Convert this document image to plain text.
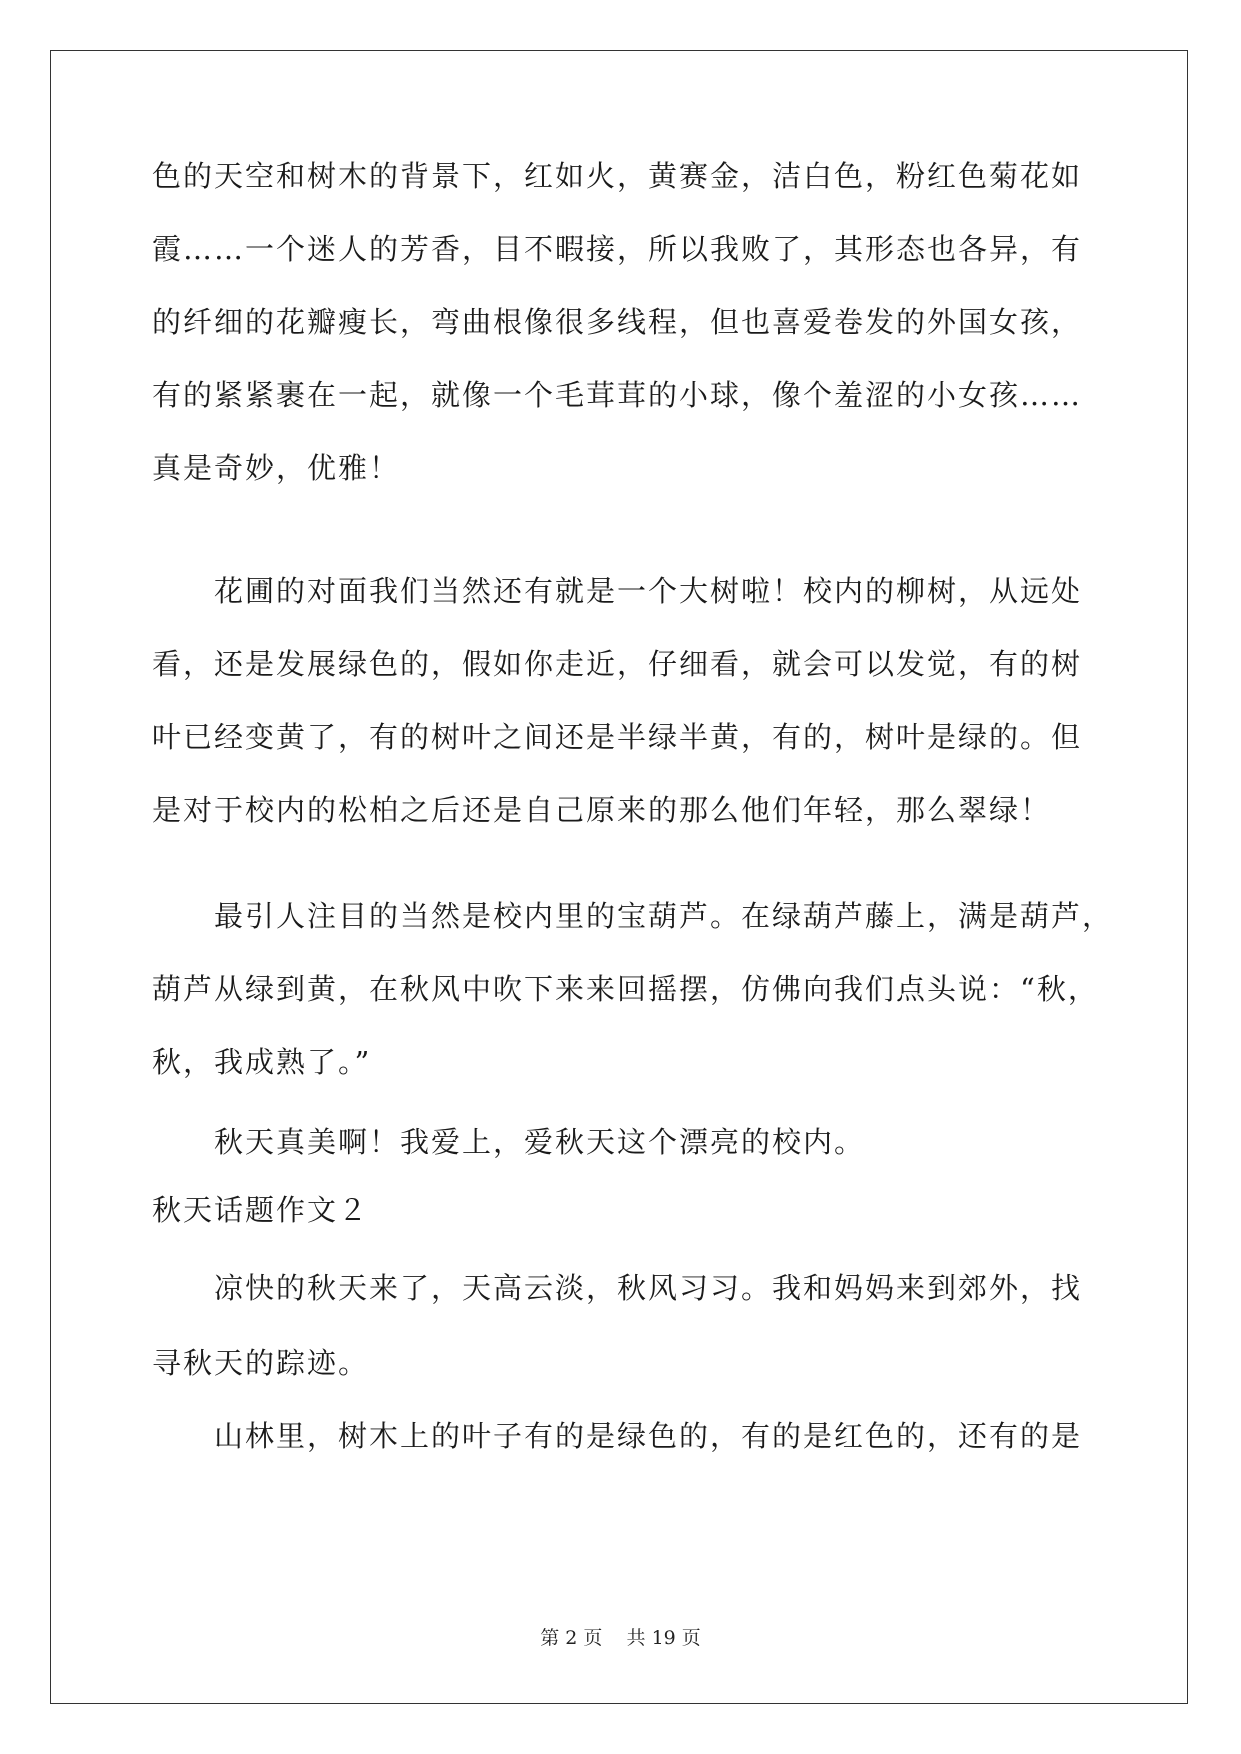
色的天空和树木的背景下，红如火，黄赛金，洁白色，粉红色菊花如
霞……一个迷人的芳香，目不暇接，所以我败了，其形态也各异，有
的纤细的花瓣瘦长，弯曲根像很多线程，但也喜爱卷发的外国女孩，
有的紧紧裹在一起，就像一个毛茸茸的小球，像个羞涩的小女孩……
真是奇妙，优雅！
花圃的对面我们当然还有就是一个大树啦！校内的柳树，从远处
看，还是发展绿色的，假如你走近，仔细看，就会可以发觉，有的树
叶已经变黄了，有的树叶之间还是半绿半黄，有的，树叶是绿的。但
是对于校内的松柏之后还是自己原来的那么他们年轻，那么翠绿！
最引人注目的当然是校内里的宝葫芦。在绿葫芦藤上，满是葫芦，
葫芦从绿到黄，在秋风中吹下来来回摇摆，仿佛向我们点头说：“秋，
秋，我成熟了。”
秋天真美啊！我爱上，爱秋天这个漂亮的校内。
秋天话题作文２
凉快的秋天来了，天高云淡，秋风习习。我和妈妈来到郊外，找
寻秋天的踪迹。
山林里，树木上的叶子有的是绿色的，有的是红色的，还有的是
第 2 页    共 19 页
